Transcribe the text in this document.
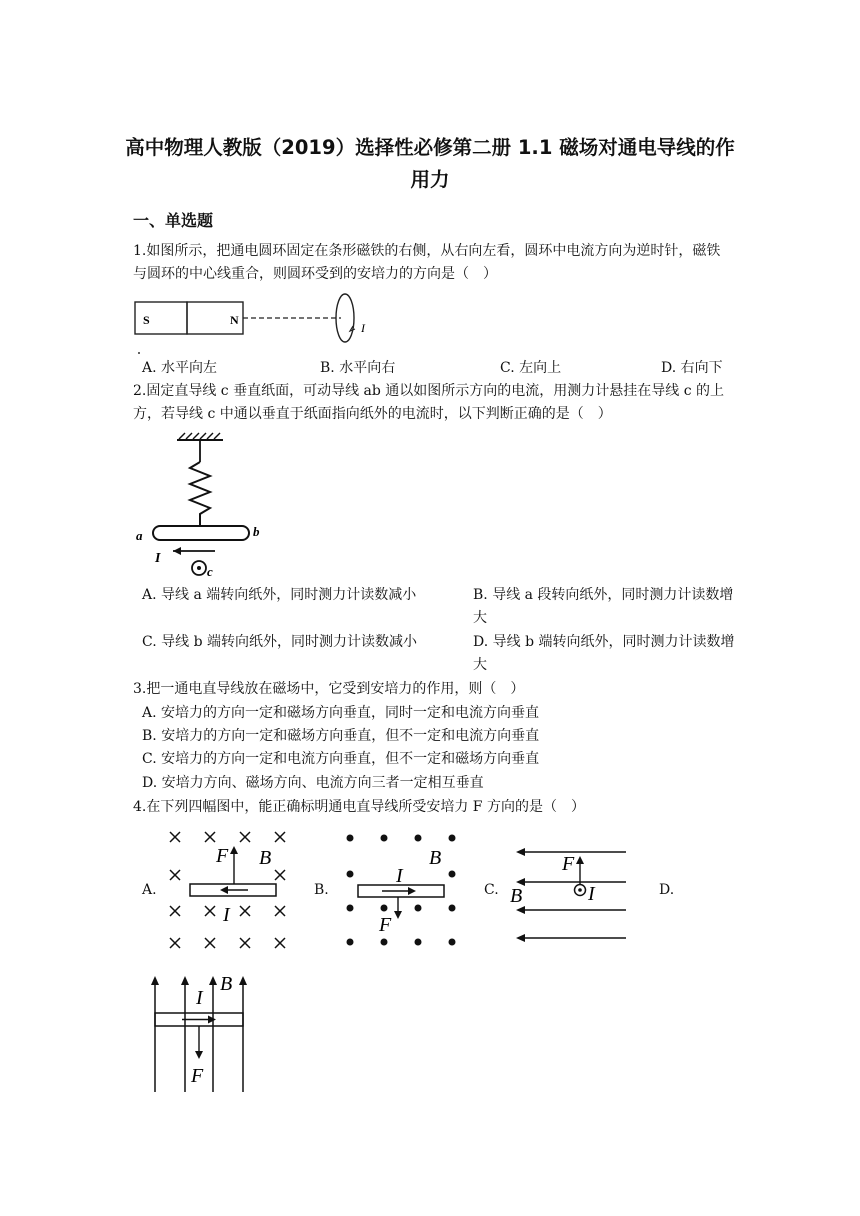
高中物理人教版（2019）选择性必修第二册 1.1 磁场对通电导线的作用力
一、单选题
1.如图所示，把通电圆环固定在条形磁铁的右侧，从右向左看，圆环中电流方向为逆时针，磁铁与圆环的中心线重合，则圆环受到的安培力的方向是（　）
S	N
I
A. 水平向左	B. 水平向右	C. 左向上	D. 右向下
2.固定直导线 c 垂直纸面，可动导线 ab 通以如图所示方向的电流，用测力计悬挂在导线 c 的上方，若导线 c 中通以垂直于纸面指向纸外的电流时，以下判断正确的是（　）
a	b
I
c
A. 导线 a 端转向纸外，同时测力计读数减小	B. 导线 a 段转向纸外，同时测力计读数增大
C. 导线 b 端转向纸外，同时测力计读数减小	D. 导线 b 端转向纸外，同时测力计读数增大
3.把一通电直导线放在磁场中，它受到安培力的作用，则（　）
A. 安培力的方向一定和磁场方向垂直，同时一定和电流方向垂直
B. 安培力的方向一定和磁场方向垂直，但不一定和电流方向垂直
C. 安培力的方向一定和电流方向垂直，但不一定和磁场方向垂直
D. 安培力方向、磁场方向、电流方向三者一定相互垂直
4.在下列四幅图中，能正确标明通电直导线所受安培力 F 方向的是（　）
A.
F B
I
B.
I
B
F
C.
F
B	I	D.
I
B
F
